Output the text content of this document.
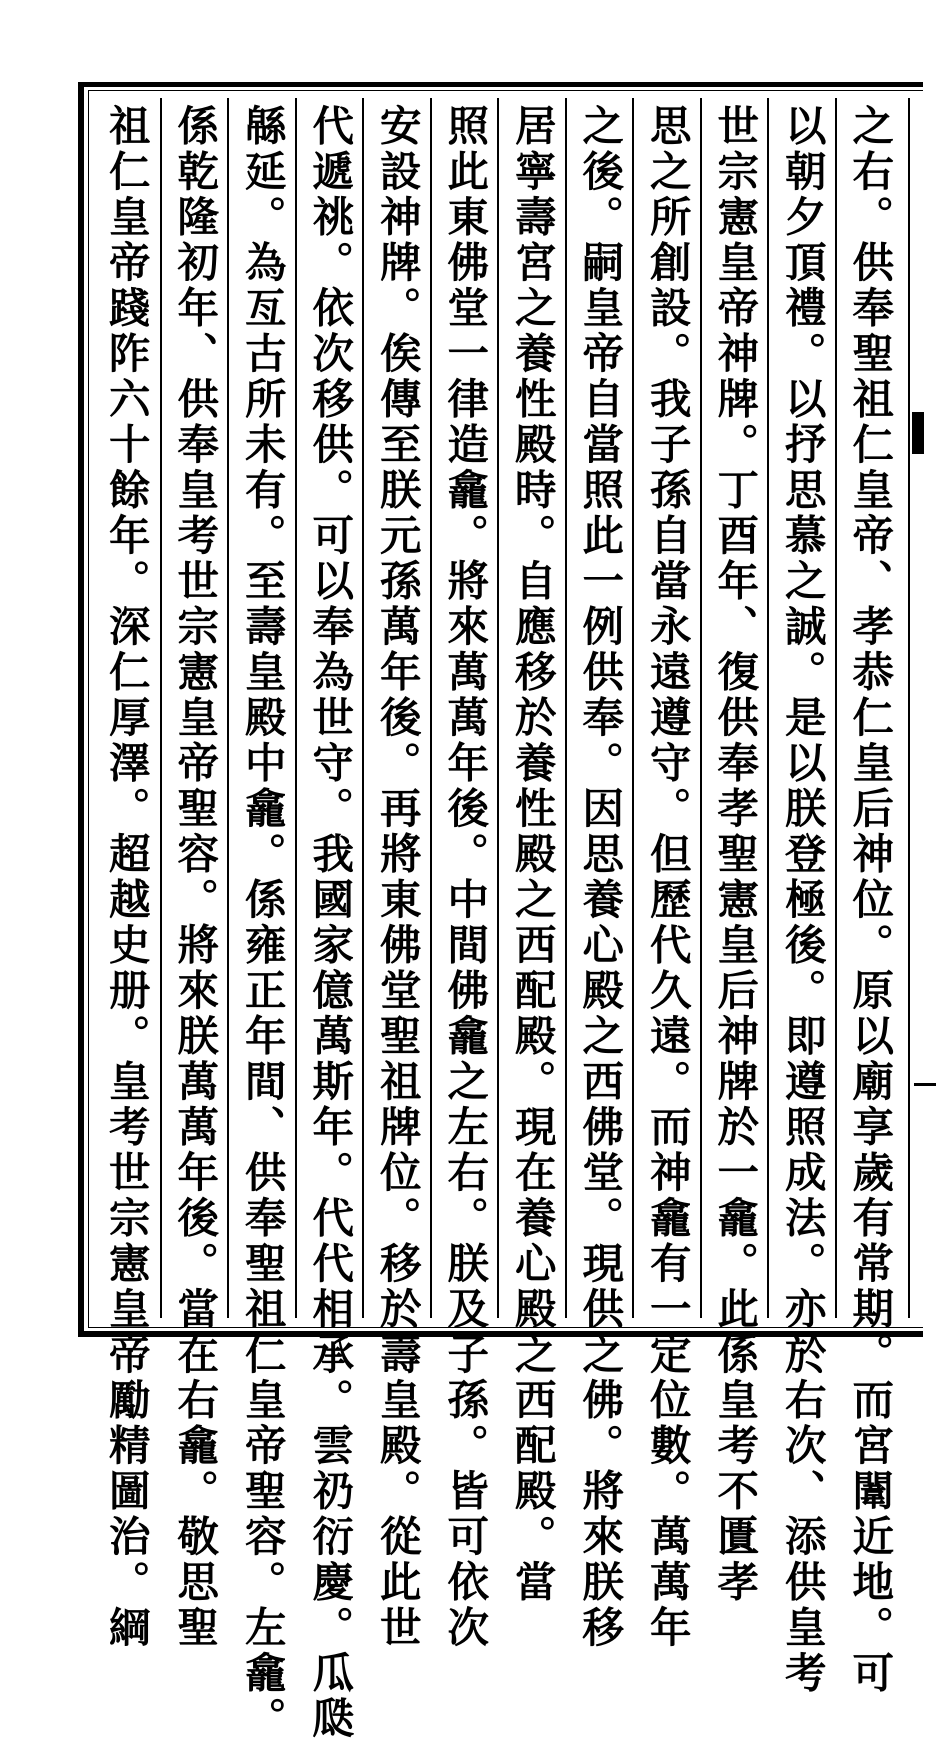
之右。供奉聖祖仁皇帝、孝恭仁皇后神位。原以廟享歲有常期。而宮闈近地。可
以朝夕頂禮。以抒思慕之誠。是以朕登極後。即遵照成法。亦於右次、添供皇考
世宗憲皇帝神牌。丁酉年、復供奉孝聖憲皇后神牌於一龕。此係皇考不匱孝
思之所創設。我子孫自當永遠遵守。但歷代久遠。而神龕有一定位數。萬萬年
之後。嗣皇帝自當照此一例供奉。因思養心殿之西佛堂。現供之佛。將來朕移
居寧壽宮之養性殿時。自應移於養性殿之西配殿。現在養心殿之西配殿。當
照此東佛堂一律造龕。將來萬萬年後。中間佛龕之左右。朕及子孫。皆可依次
安設神牌。俟傳至朕元孫萬年後。再將東佛堂聖祖牌位。移於壽皇殿。從此世
代遞祧。依次移供。可以奉為世守。我國家億萬斯年。代代相承。雲礽衍慶。瓜瓞
緜延。為亙古所未有。至壽皇殿中龕。係雍正年間、供奉聖祖仁皇帝聖容。左龕。
係乾隆初年、供奉皇考世宗憲皇帝聖容。將來朕萬萬年後。當在右龕。敬思聖
祖仁皇帝踐阼六十餘年。深仁厚澤。超越史册。皇考世宗憲皇帝勵精圖治。綱
